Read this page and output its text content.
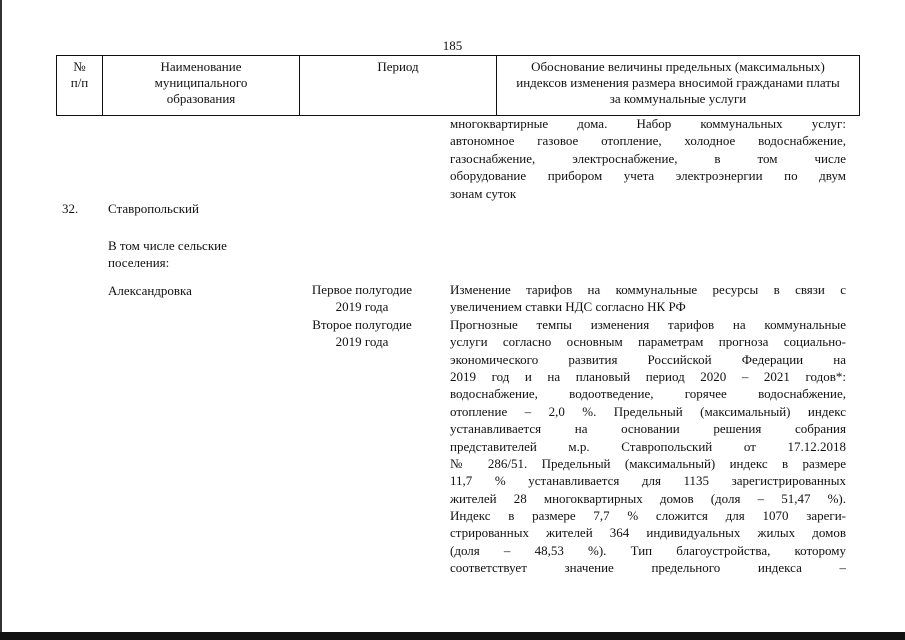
185
№
п/п
Наименование
муниципального
образования
Период	Обоснование величины предельных (максимальных)
индексов изменения размера вносимой гражданами платы
за коммунальные услуги
многоквартирные дома. Набор коммунальных услуг:
автономное газовое отопление, холодное водоснабжение,
газоснабжение, электроснабжение, в том числе
оборудование прибором учета электроэнергии по двум
зонам суток
32. Ставропольский
В том числе сельские
поселения:
Александровка	Первое полугодие
2019 года
Второе полугодие
2019 года
Изменение тарифов на коммунальные ресурсы в связи с
увеличением ставки НДС согласно НК РФ
Прогнозные темпы изменения тарифов на коммунальные
услуги согласно основным параметрам прогноза социально-
экономического развития Российской Федерации на
2019 год и на плановый период 2020 – 2021 годов*:
водоснабжение, водоотведение, горячее водоснабжение,
отопление – 2,0 %. Предельный (максимальный) индекс
устанавливается на основании решения собрания
представителей м.р. Ставропольский от 17.12.2018
№ 286/51. Предельный (максимальный) индекс в размере
11,7 % устанавливается для 1135 зарегистрированных
жителей 28 многоквартирных домов (доля – 51,47 %).
Индекс в размере 7,7 % сложится для 1070 зареги-
стрированных жителей 364 индивидуальных жилых домов
(доля – 48,53 %). Тип благоустройства, которому
соответствует значение предельного индекса –
